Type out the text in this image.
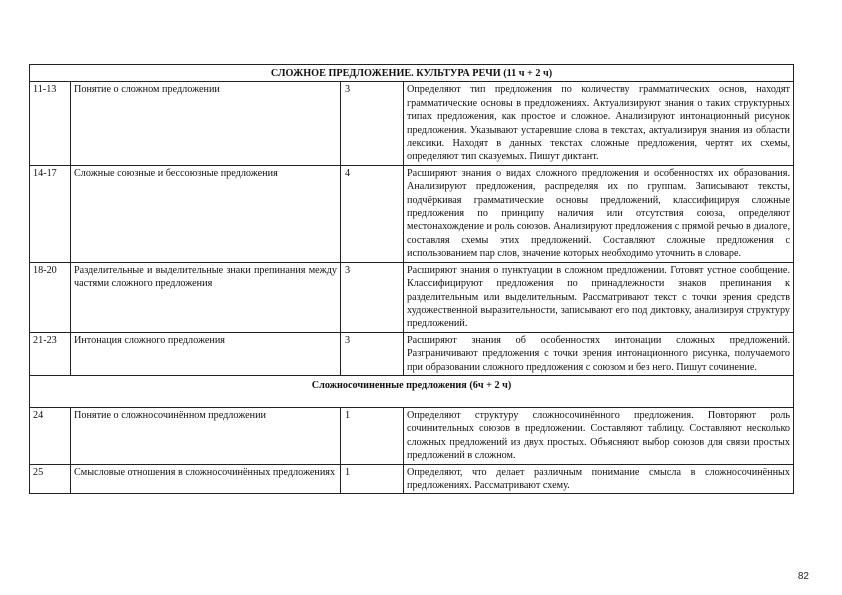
СЛОЖНОЕ ПРЕДЛОЖЕНИЕ. КУЛЬТУРА РЕЧИ (11 ч + 2 ч)			
11-13	Понятие о сложном предложении	3	Определяют тип предложения по количеству грамматических основ, находят грамматические основы в предложениях. Актуализируют знания о таких структурных типах предложения, как простое и сложное. Анализируют интонационный рисунок предложения. Указывают устаревшие слова в текстах, актуализируя знания из области лексики. Находят в данных текстах сложные предложения, чертят их схемы, определяют тип сказуемых. Пишут диктант.
14-17	Сложные союзные и бессоюзные предложения	4	Расширяют знания о видах сложного предложения и особенностях их образования. Анализируют предложения, распределяя их по группам. Записывают тексты, подчёркивая грамматические основы предложений, классифицируя сложные предложения по принципу наличия или отсутствия союза, определяют местонахождение и роль союзов. Анализируют предложения с прямой речью в диалоге, составляя схемы этих предложений. Составляют сложные предложения с использованием пар слов, значение которых необходимо уточнить в словаре.
18-20	Разделительные и выделительные знаки препинания между частями сложного предложения	3	Расширяют знания о пунктуации в сложном предложении. Готовят устное сообщение. Классифицируют предложения по принадлежности знаков препинания к разделительным или выделительным. Рассматривают текст с точки зрения средств художественной выразительности, записывают его под диктовку, анализируя структуру предложений.
21-23	Интонация сложного предложения	3	Расширяют знания об особенностях интонации сложных предложений. Разграничивают предложения с точки зрения интонационного рисунка, получаемого при образовании сложного предложения с союзом и без него. Пишут сочинение.
Сложносочиненные предложения (6ч + 2 ч)			
24	Понятие о сложносочинённом предложении	1	Определяют структуру сложносочинённого предложения. Повторяют роль сочинительных союзов в предложении. Составляют таблицу. Составляют несколько сложных предложений из двух простых. Объясняют выбор союзов для связи простых предложений в сложном.
25	Смысловые отношения в сложносочинённых предложениях	1	Определяют, что делает различным понимание смысла в сложносочинённых предложениях. Рассматривают схему.
82
